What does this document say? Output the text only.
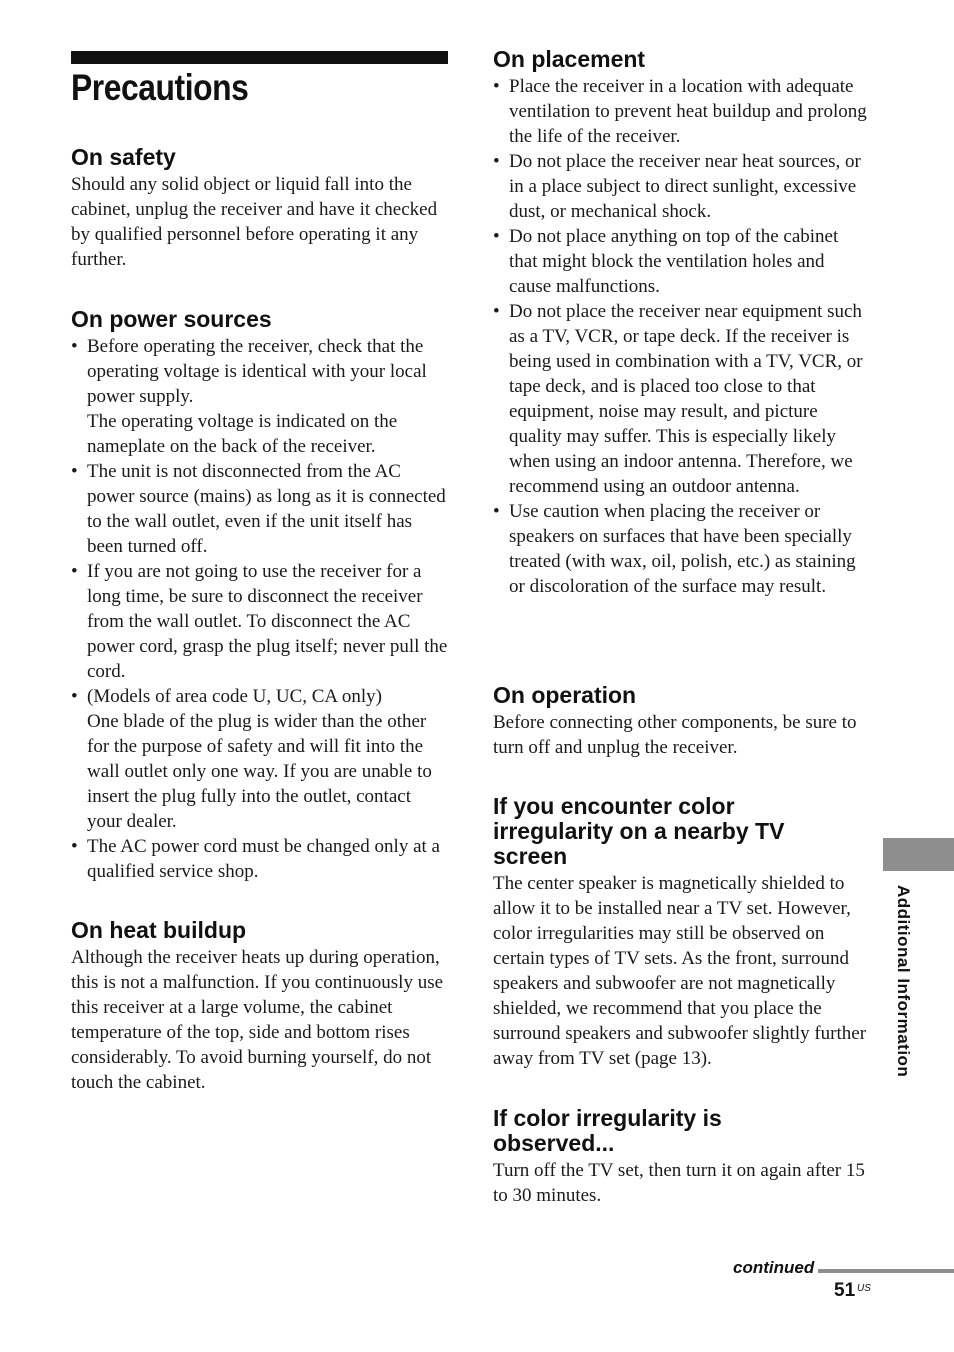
Precautions
On safety

Should any solid object or liquid fall into the cabinet, unplug the receiver and have it checked by qualified personnel before operating it any further.

On power sources
• Before operating the receiver, check that the operating voltage is identical with your local power supply.
The operating voltage is indicated on the nameplate on the back of the receiver.
• The unit is not disconnected from the AC power source (mains) as long as it is connected to the wall outlet, even if the unit itself has been turned off.
• If you are not going to use the receiver for a long time, be sure to disconnect the receiver from the wall outlet. To disconnect the AC power cord, grasp the plug itself; never pull the cord.
• (Models of area code U, UC, CA only)
One blade of the plug is wider than the other for the purpose of safety and will fit into the wall outlet only one way. If you are unable to insert the plug fully into the outlet, contact your dealer.
• The AC power cord must be changed only at a qualified service shop.
On heat buildup

Although the receiver heats up during operation, this is not a malfunction. If you continuously use this receiver at a large volume, the cabinet temperature of the top, side and bottom rises considerably. To avoid burning yourself, do not touch the cabinet.

On placement
• Place the receiver in a location with adequate ventilation to prevent heat buildup and prolong the life of the receiver.
• Do not place the receiver near heat sources, or in a place subject to direct sunlight, excessive dust, or mechanical shock.
• Do not place anything on top of the cabinet that might block the ventilation holes and cause malfunctions.
• Do not place the receiver near equipment such as a TV, VCR, or tape deck. If the receiver is being used in combination with a TV, VCR, or tape deck, and is placed too close to that equipment, noise may result, and picture quality may suffer. This is especially likely when using an indoor antenna. Therefore, we recommend using an outdoor antenna.
• Use caution when placing the receiver or speakers on surfaces that have been specially treated (with wax, oil, polish, etc.) as staining or discoloration of the surface may result.
On operation

Before connecting other components, be sure to turn off and unplug the receiver.

If you encounter color irregularity on a nearby TV screen

The center speaker is magnetically shielded to allow it to be installed near a TV set. However, color irregularities may still be observed on certain types of TV sets. As the front, surround speakers and subwoofer are not magnetically shielded, we recommend that you place the surround speakers and subwoofer slightly further away from TV set (page 13).

If color irregularity is observed...

Turn off the TV set, then turn it on again after 15 to 30 minutes.

Additional Information
continued
51 US
